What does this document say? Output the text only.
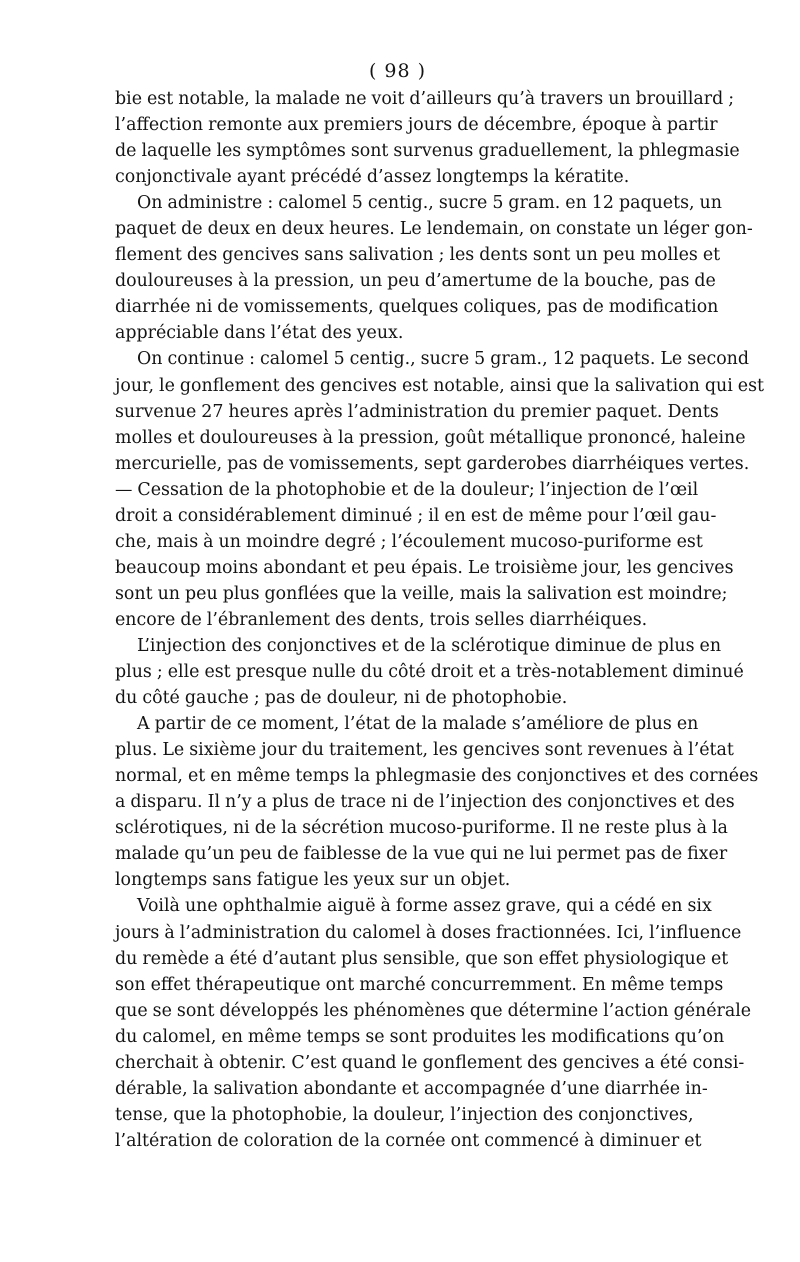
( 98 )
bie est notable, la malade ne voit d’ailleurs qu’à travers un brouillard ;
l’affection remonte aux premiers jours de décembre, époque à partir
de laquelle les symptômes sont survenus graduellement, la phlegmasie
conjonctivale ayant précédé d’assez longtemps la kératite.
On administre : calomel 5 centig., sucre 5 gram. en 12 paquets, un
paquet de deux en deux heures. Le lendemain, on constate un léger gon-
flement des gencives sans salivation ; les dents sont un peu molles et
douloureuses à la pression, un peu d’amertume de la bouche, pas de
diarrhée ni de vomissements, quelques coliques, pas de modification
appréciable dans l’état des yeux.
On continue : calomel 5 centig., sucre 5 gram., 12 paquets. Le second
jour, le gonflement des gencives est notable, ainsi que la salivation qui est
survenue 27 heures après l’administration du premier paquet. Dents
molles et douloureuses à la pression, goût métallique prononcé, haleine
mercurielle, pas de vomissements, sept garderobes diarrhéiques vertes.
— Cessation de la photophobie et de la douleur; l’injection de l’œil
droit a considérablement diminué ; il en est de même pour l’œil gau-
che, mais à un moindre degré ; l’écoulement mucoso-puriforme est
beaucoup moins abondant et peu épais. Le troisième jour, les gencives
sont un peu plus gonflées que la veille, mais la salivation est moindre;
encore de l’ébranlement des dents, trois selles diarrhéiques.
L’injection des conjonctives et de la sclérotique diminue de plus en
plus ; elle est presque nulle du côté droit et a très-notablement diminué
du côté gauche ; pas de douleur, ni de photophobie.
A partir de ce moment, l’état de la malade s’améliore de plus en
plus. Le sixième jour du traitement, les gencives sont revenues à l’état
normal, et en même temps la phlegmasie des conjonctives et des cornées
a disparu. Il n’y a plus de trace ni de l’injection des conjonctives et des
sclérotiques, ni de la sécrétion mucoso-puriforme. Il ne reste plus à la
malade qu’un peu de faiblesse de la vue qui ne lui permet pas de fixer
longtemps sans fatigue les yeux sur un objet.
Voilà une ophthalmie aiguë à forme assez grave, qui a cédé en six
jours à l’administration du calomel à doses fractionnées. Ici, l’influence
du remède a été d’autant plus sensible, que son effet physiologique et
son effet thérapeutique ont marché concurremment. En même temps
que se sont développés les phénomènes que détermine l’action générale
du calomel, en même temps se sont produites les modifications qu’on
cherchait à obtenir. C’est quand le gonflement des gencives a été consi-
dérable, la salivation abondante et accompagnée d’une diarrhée in-
tense, que la photophobie, la douleur, l’injection des conjonctives,
l’altération de coloration de la cornée ont commencé à diminuer et
